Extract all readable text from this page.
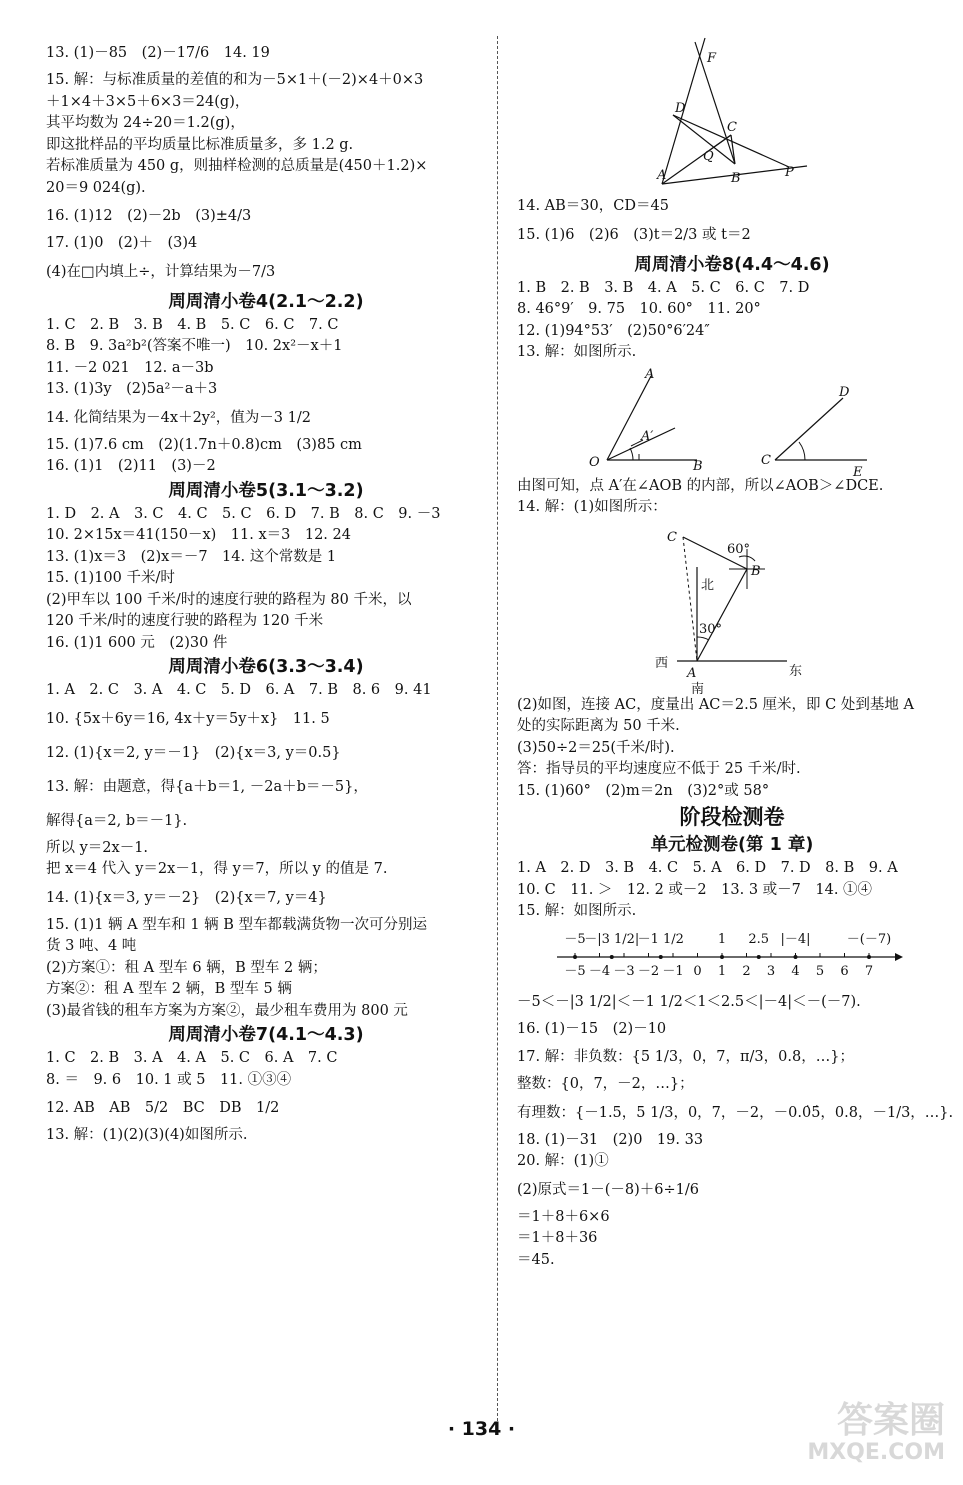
13. (1)－85　(2)－17/6　14. 19
15. 解：与标准质量的差值的和为－5×1＋(－2)×4＋0×3
＋1×4＋3×5＋6×3＝24(g)，
其平均数为 24÷20＝1.2(g)，
即这批样品的平均质量比标准质量多，多 1.2 g.
若标准质量为 450 g，则抽样检测的总质量是(450＋1.2)×
20＝9 024(g).
16. (1)12　(2)－2b　(3)±4/3
17. (1)0　(2)＋　(3)4
(4)在□内填上÷，计算结果为－7/3
周周清小卷4(2.1～2.2)
1. C　2. B　3. B　4. B　5. C　6. C　7. C
8. B　9. 3a²b²(答案不唯一)　10. 2x²－x＋1
11. －2 021　12. a－3b
13. (1)3y　(2)5a²－a＋3
14. 化简结果为－4x＋2y²，值为－3 1/2
15. (1)7.6 cm　(2)(1.7n＋0.8)cm　(3)85 cm
16. (1)1　(2)11　(3)－2
周周清小卷5(3.1～3.2)
1. D　2. A　3. C　4. C　5. C　6. D　7. B　8. C　9. －3
10. 2×15x＝41(150－x)　11. x＝3　12. 24
13. (1)x＝3　(2)x＝－7　14. 这个常数是 1
15. (1)100 千米/时
(2)甲车以 100 千米/时的速度行驶的路程为 80 千米，以
120 千米/时的速度行驶的路程为 120 千米
16. (1)1 600 元　(2)30 件
周周清小卷6(3.3～3.4)
1. A　2. C　3. A　4. C　5. D　6. A　7. B　8. 6　9. 41
10. {5x＋6y＝16, 4x＋y＝5y＋x}　11. 5
12. (1){x＝2, y＝－1}　(2){x＝3, y＝0.5}
13. 解：由题意，得{a＋b＝1, －2a＋b＝－5}，
解得{a＝2, b＝－1}.
所以 y＝2x－1.
把 x＝4 代入 y＝2x－1，得 y＝7，所以 y 的值是 7.
14. (1){x＝3, y＝－2}　(2){x＝7, y＝4}
15. (1)1 辆 A 型车和 1 辆 B 型车都载满货物一次可分别运
货 3 吨、4 吨
(2)方案①：租 A 型车 6 辆，B 型车 2 辆；
方案②：租 A 型车 2 辆，B 型车 5 辆
(3)最省钱的租车方案为方案②，最少租车费用为 800 元
周周清小卷7(4.1～4.3)
1. C　2. B　3. A　4. A　5. C　6. A　7. C
8. ＝　9. 6　10. 1 或 5　11. ①③④
12. AB　AB　5/2　BC　DB　1/2
13. 解：(1)(2)(3)(4)如图所示.
F
D
C
Q
A	B	P
14. AB＝30，CD＝45
15. (1)6　(2)6　(3)t＝2/3 或 t＝2
周周清小卷8(4.4～4.6)
1. B　2. B　3. B　4. A　5. C　6. C　7. D
8. 46°9′　9. 75　10. 60°　11. 20°
12. (1)94°53′　(2)50°6′24″
13. 解：如图所示.
A
A′
O	B
D
C
E
由图可知，点 A′在∠AOB 的内部，所以∠AOB＞∠DCE.
14. 解：(1)如图所示：
C
60°
B
北
30°
西
A	东
南
(2)如图，连接 AC，度量出 AC＝2.5 厘米，即 C 处到基地 A
处的实际距离为 50 千米.
(3)50÷2＝25(千米/时).
答：指导员的平均速度应不低于 25 千米/时.
15. (1)60°　(2)m＝2n　(3)2°或 58°
阶段检测卷
单元检测卷(第 1 章)
1. A　2. D　3. B　4. C　5. A　6. D　7. D　8. B　9. A
10. C　11. ＞　12. 2 或－2　13. 3 或－7　14. ①④
15. 解：如图所示.
－5 －4 －3 －2 －1 0 1 2 3 4 5 6 7
－5
－|3 1/2|
－1 1/2	1 2.5 |－4|	－(－7)
－5＜－|3 1/2|＜－1 1/2＜1＜2.5＜|－4|＜－(－7).
16. (1)－15　(2)－10
17. 解：非负数：{5 1/3，0，7，π/3，0.8，…}；
整数：{0，7，－2，…}；
有理数：{－1.5，5 1/3，0，7，－2，－0.0̇5̇，0.8，－1/3，…}.
18. (1)－31　(2)0　19. 33
20. 解：(1)①
(2)原式＝1－(－8)＋6÷1/6
＝1＋8＋6×6
＝1＋8＋36
＝45.
· 134 ·	答案圈
MXQE.COM
